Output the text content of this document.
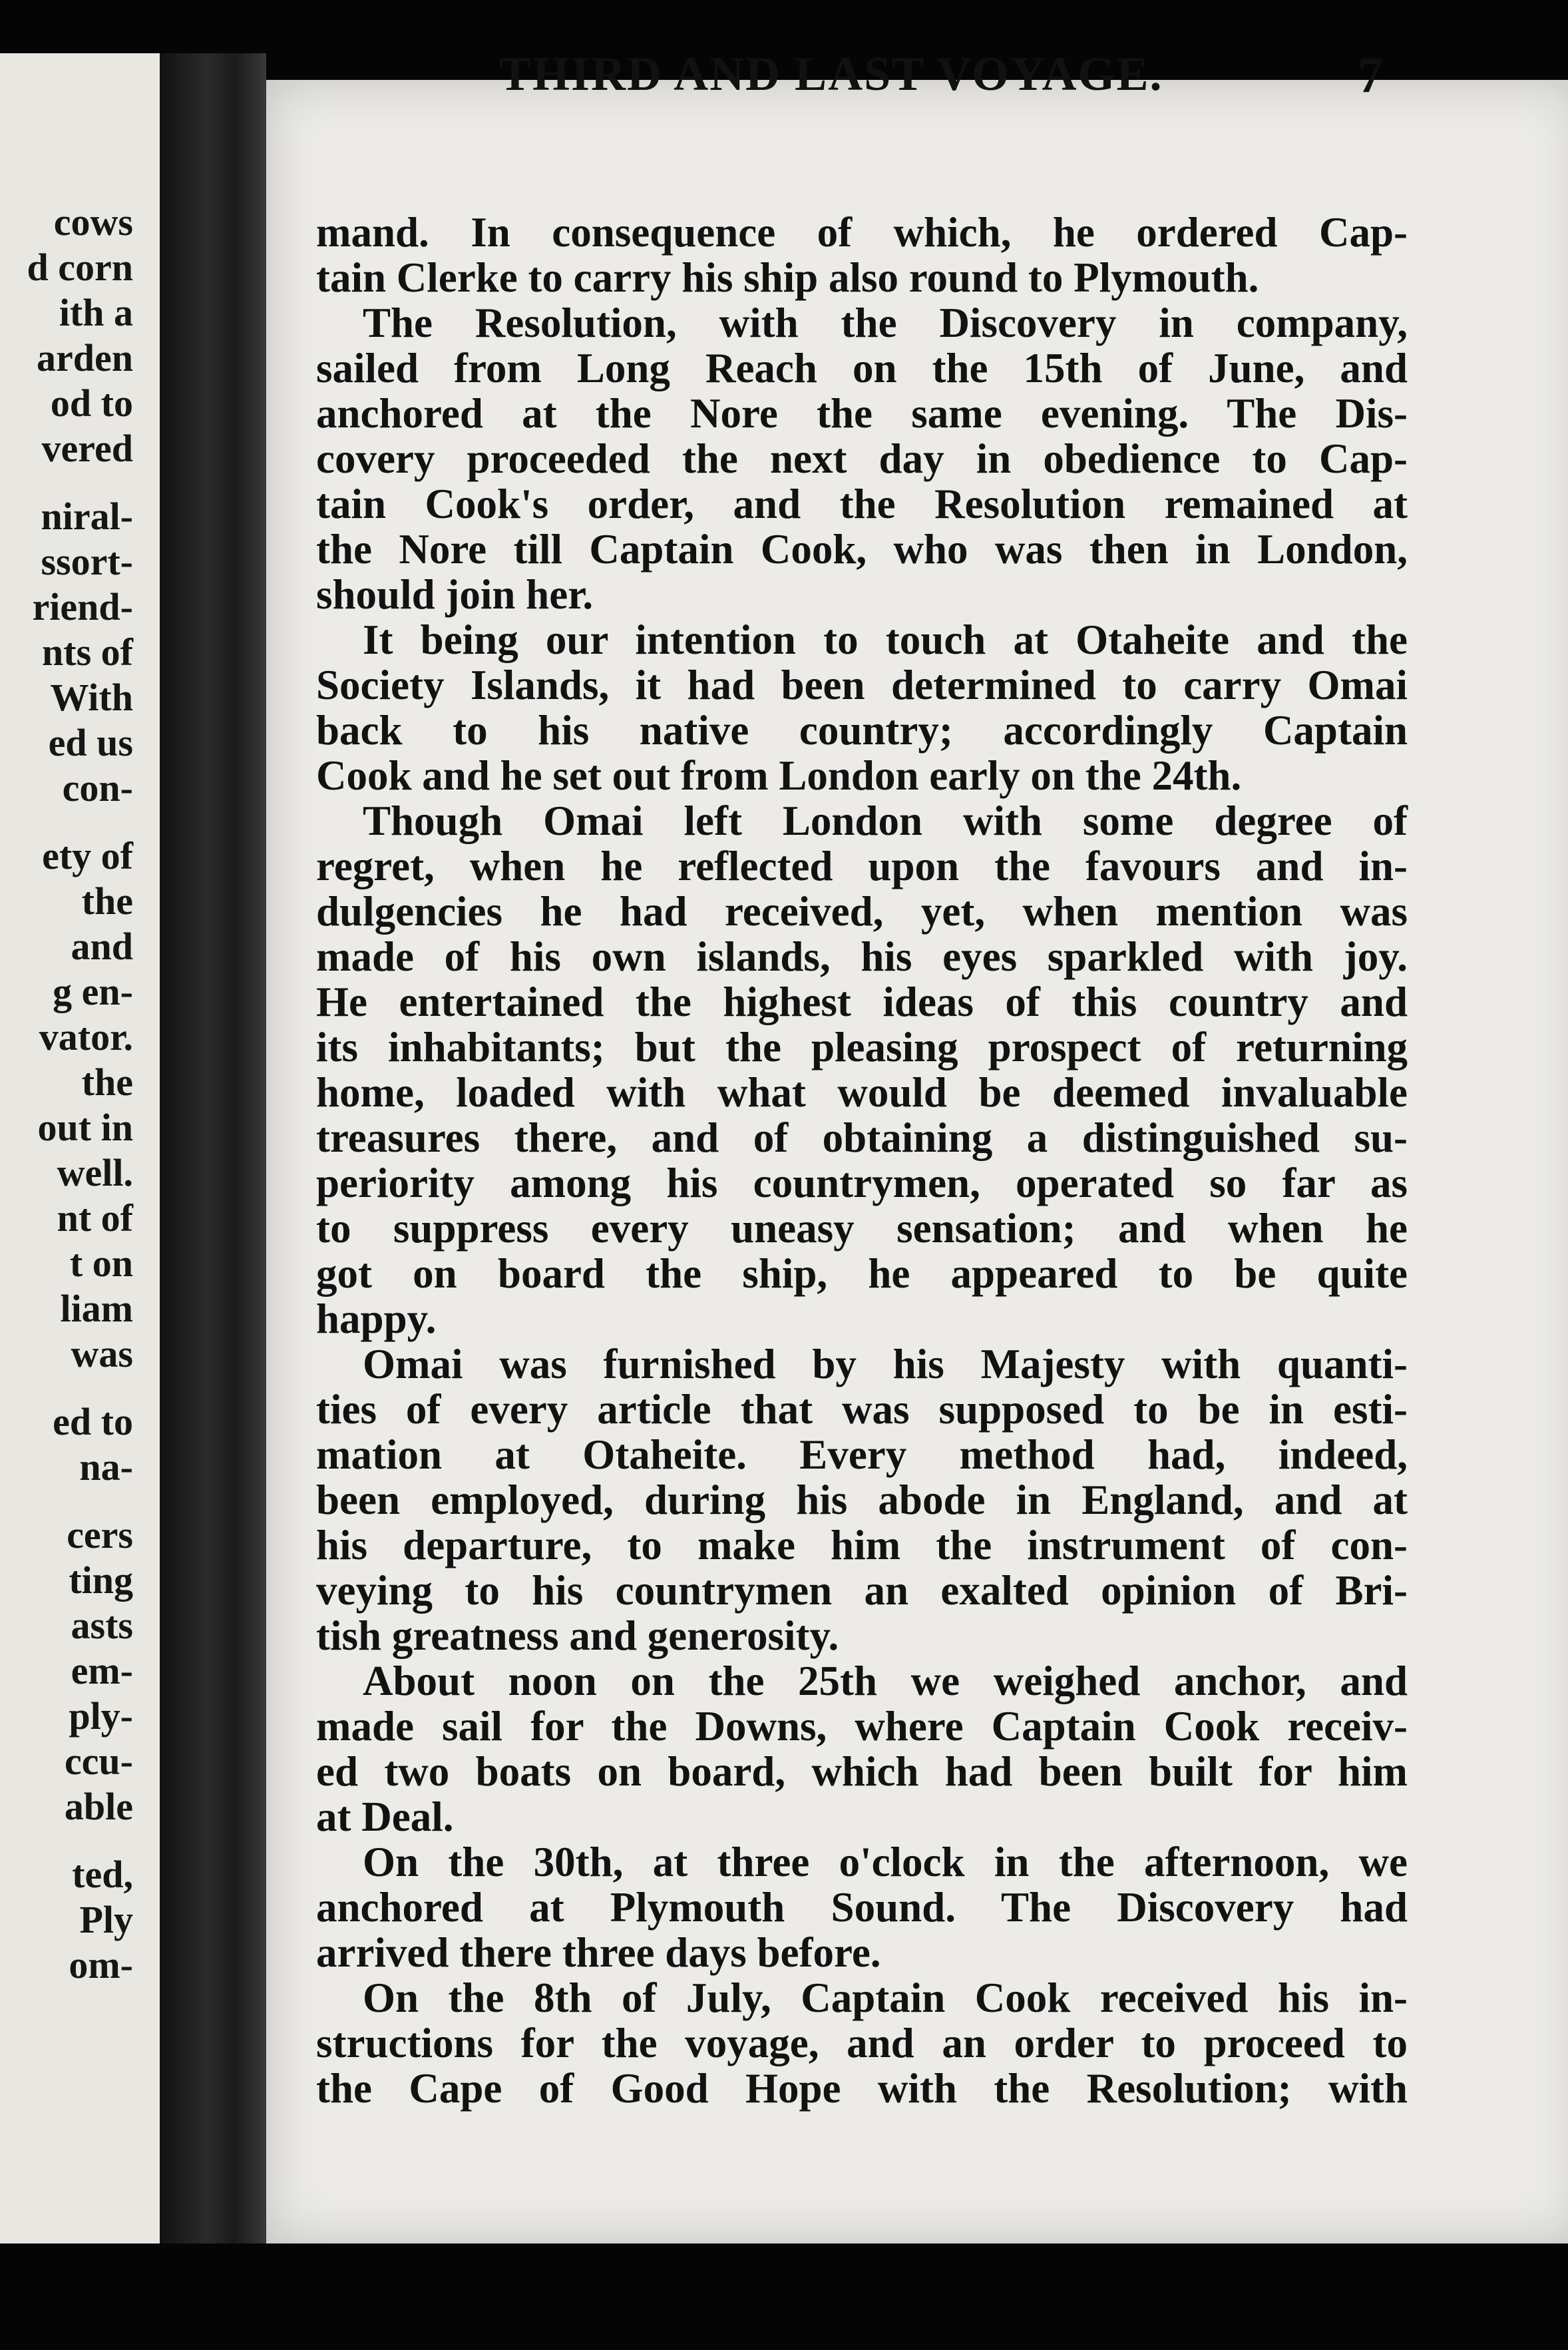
cows
d corn
ith a
arden
od to
vered
niral-
ssort-
riend-
nts of
With
ed us
con-
ety of
the
and
g en-
vator.
the
out in
well.
nt of
t on
liam
was
ed to
na-
cers
ting
asts
em-
ply-
ccu-
able
ted,
Ply
om-
THIRD AND LAST VOYAGE.	7
mand. In consequence of which, he ordered Cap-
tain Clerke to carry his ship also round to Plymouth.
The Resolution, with the Discovery in company,
sailed from Long Reach on the 15th of June, and
anchored at the Nore the same evening. The Dis-
covery proceeded the next day in obedience to Cap-
tain Cook's order, and the Resolution remained at
the Nore till Captain Cook, who was then in London,
should join her.
It being our intention to touch at Otaheite and the
Society Islands, it had been determined to carry Omai
back to his native country; accordingly Captain
Cook and he set out from London early on the 24th.
Though Omai left London with some degree of
regret, when he reflected upon the favours and in-
dulgencies he had received, yet, when mention was
made of his own islands, his eyes sparkled with joy.
He entertained the highest ideas of this country and
its inhabitants; but the pleasing prospect of returning
home, loaded with what would be deemed invaluable
treasures there, and of obtaining a distinguished su-
periority among his countrymen, operated so far as
to suppress every uneasy sensation; and when he
got on board the ship, he appeared to be quite
happy.
Omai was furnished by his Majesty with quanti-
ties of every article that was supposed to be in esti-
mation at Otaheite. Every method had, indeed,
been employed, during his abode in England, and at
his departure, to make him the instrument of con-
veying to his countrymen an exalted opinion of Bri-
tish greatness and generosity.
About noon on the 25th we weighed anchor, and
made sail for the Downs, where Captain Cook receiv-
ed two boats on board, which had been built for him
at Deal.
On the 30th, at three o'clock in the afternoon, we
anchored at Plymouth Sound. The Discovery had
arrived there three days before.
On the 8th of July, Captain Cook received his in-
structions for the voyage, and an order to proceed to
the Cape of Good Hope with the Resolution; with
